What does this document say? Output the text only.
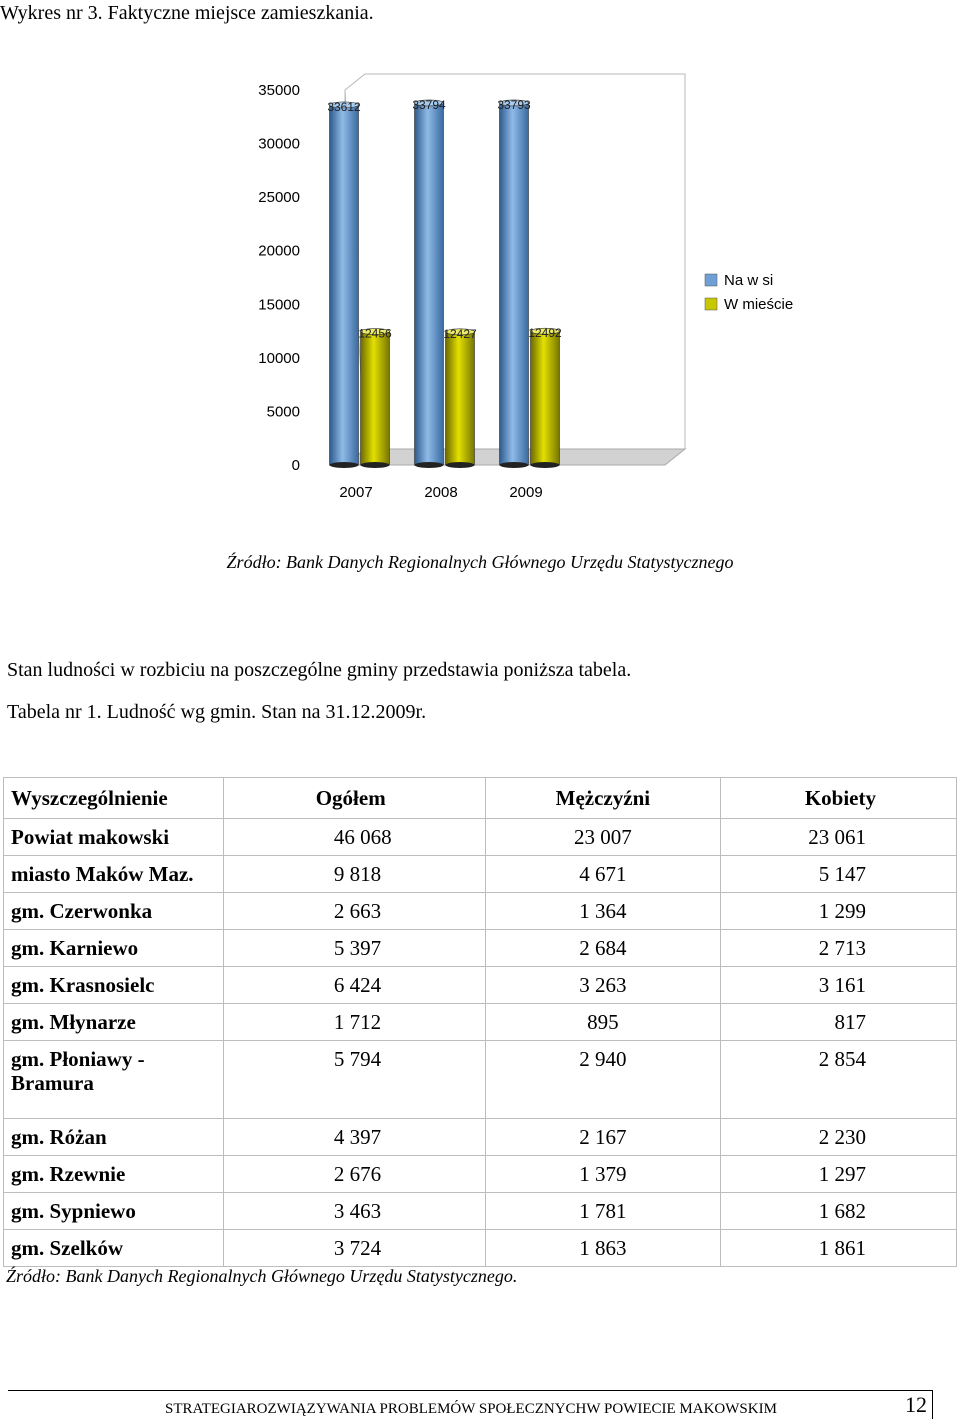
Wykres nr 3. Faktyczne miejsce zamieszkania.
35000
30000
25000
20000
15000
10000
5000
0
2007	2008	2009
33612
12456
33794
12427
33793
12492
Na w si
W mieście
Źródło: Bank Danych Regionalnych Głównego Urzędu Statystycznego
Stan ludności w rozbiciu na poszczególne gminy przedstawia poniższa tabela.
Tabela nr 1. Ludność wg gmin. Stan na 31.12.2009r.
Wyszczególnienie	Ogółem	Mężczyźni	Kobiety
Powiat makowski	46 068	23 007	23 061
miasto Maków Maz.	9 818	4 671	5 147
gm. Czerwonka	2 663	1 364	1 299
gm. Karniewo	5 397	2 684	2 713
gm. Krasnosielc	6 424	3 263	3 161
gm. Młynarze	1 712	895	817
gm. Płoniawy - Bramura	5 794	2 940	2 854
gm. Różan	4 397	2 167	2 230
gm. Rzewnie	2 676	1 379	1 297
gm. Sypniewo	3 463	1 781	1 682
gm. Szelków	3 724	1 863	1 861
Źródło: Bank Danych Regionalnych Głównego Urzędu Statystycznego.
STRATEGIAROZWIĄZYWANIA PROBLEMÓW SPOŁECZNYCHW POWIECIE MAKOWSKIM	12
